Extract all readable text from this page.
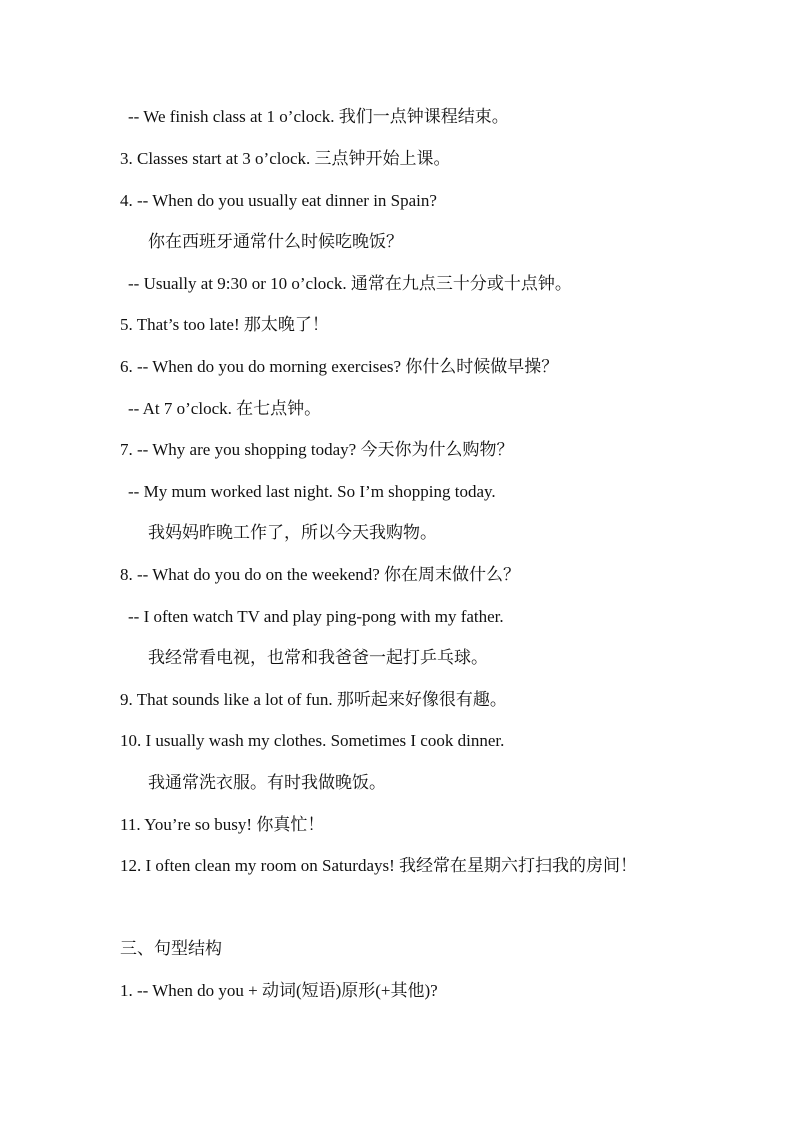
-- We finish class at 1 o’clock. 我们一点钟课程结束。
3. Classes start at 3 o’clock. 三点钟开始上课。
4. -- When do you usually eat dinner in Spain?
你在西班牙通常什么时候吃晚饭？
-- Usually at 9:30 or 10 o’clock. 通常在九点三十分或十点钟。
5. That’s too late! 那太晚了！
6. -- When do you do morning exercises? 你什么时候做早操？
-- At 7 o’clock. 在七点钟。
7. -- Why are you shopping today? 今天你为什么购物？
-- My mum worked last night. So I’m shopping today.
我妈妈昨晚工作了，所以今天我购物。
8. -- What do you do on the weekend? 你在周末做什么？
-- I often watch TV and play ping-pong with my father.
我经常看电视，也常和我爸爸一起打乒乓球。
9. That sounds like a lot of fun. 那听起来好像很有趣。
10. I usually wash my clothes. Sometimes I cook dinner.
我通常洗衣服。有时我做晚饭。
11. You’re so busy! 你真忙！
12. I often clean my room on Saturdays! 我经常在星期六打扫我的房间！
三、句型结构
1. -- When do you + 动词(短语)原形(+其他)?
